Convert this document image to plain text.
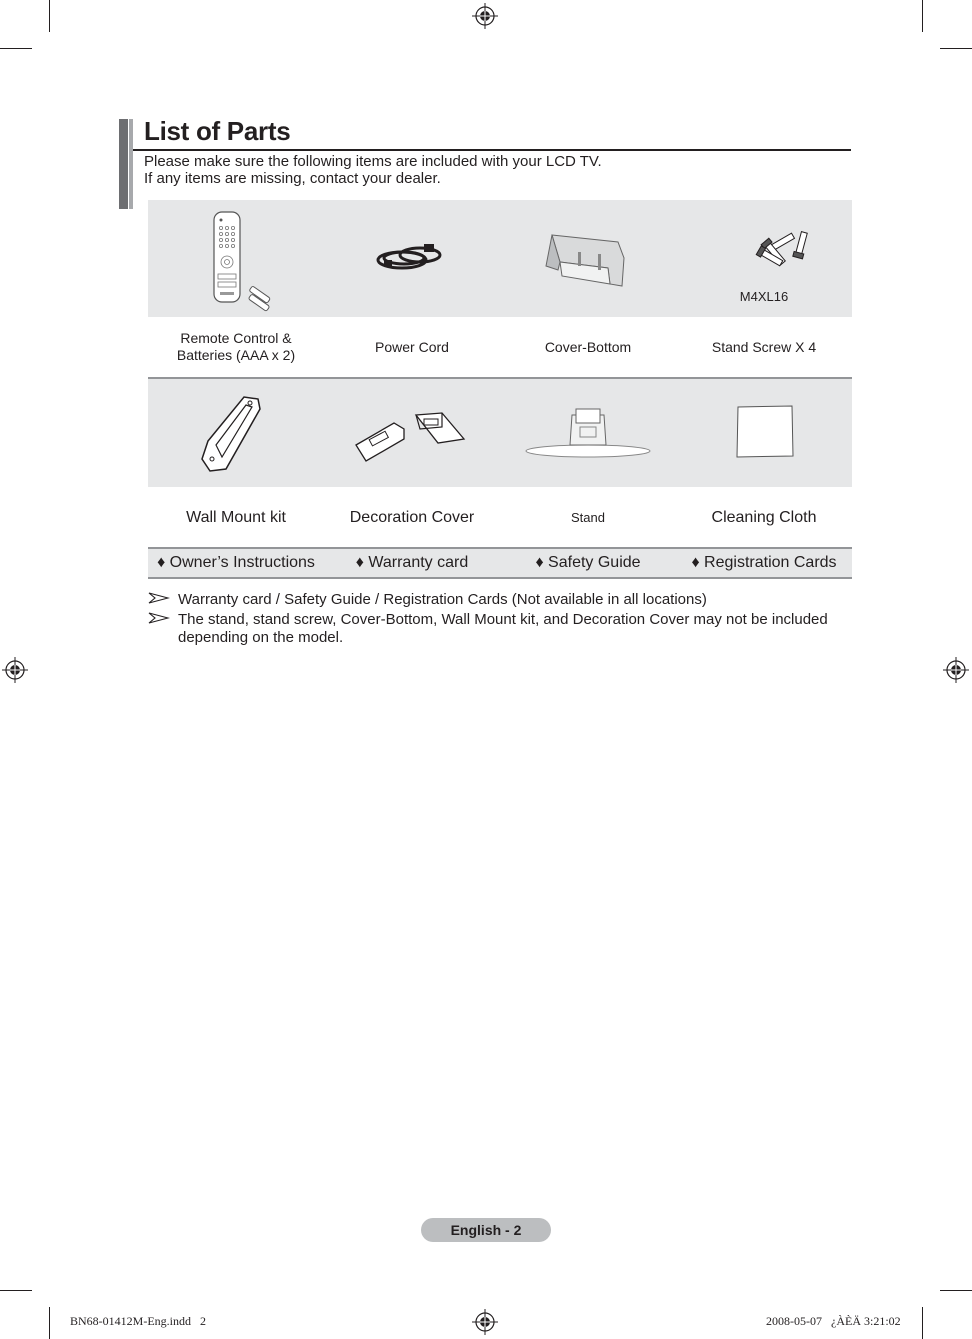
List of Parts
Please make sure the following items are included with your LCD TV.
If any items are missing, contact your dealer.
M4XL16
Remote Control &
Batteries (AAA x 2)
Power Cord	Cover-Bottom	Stand Screw X 4
Wall Mount kit	Decoration Cover	Stand	Cleaning Cloth
♦ Owner’s Instructions	♦ Warranty card	♦ Safety Guide	♦ Registration Cards
Warranty card / Safety Guide / Registration Cards (Not available in all locations)
The stand, stand screw, Cover-Bottom, Wall Mount kit, and Decoration Cover may not be included
depending on the model.
English - 2
BN68-01412M-Eng.indd   2	2008-05-07   ¿ÀÈÄ 3:21:02
